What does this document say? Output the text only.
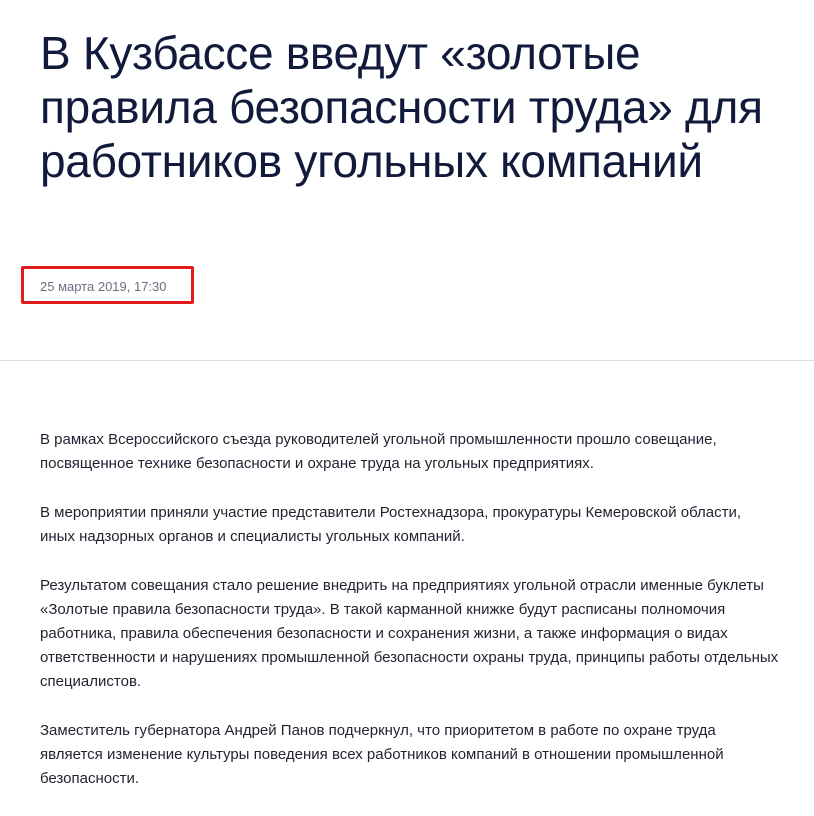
В Кузбассе введут «золотые правила безопасности труда» для работников угольных компаний
25 марта 2019, 17:30

В рамках Всероссийского съезда руководителей угольной промышленности прошло совещание, посвященное технике безопасности и охране труда на угольных предприятиях.

В мероприятии приняли участие представители Ростехнадзора, прокуратуры Кемеровской области, иных надзорных органов и специалисты угольных компаний.

Результатом совещания стало решение внедрить на предприятиях угольной отрасли именные буклеты «Золотые правила безопасности труда». В такой карманной книжке будут расписаны полномочия работника, правила обеспечения безопасности и сохранения жизни, а также информация о видах ответственности и нарушениях промышленной безопасности охраны труда, принципы работы отдельных специалистов.

Заместитель губернатора Андрей Панов подчеркнул, что приоритетом в работе по охране труда является изменение культуры поведения всех работников компаний в отношении промышленной безопасности.
